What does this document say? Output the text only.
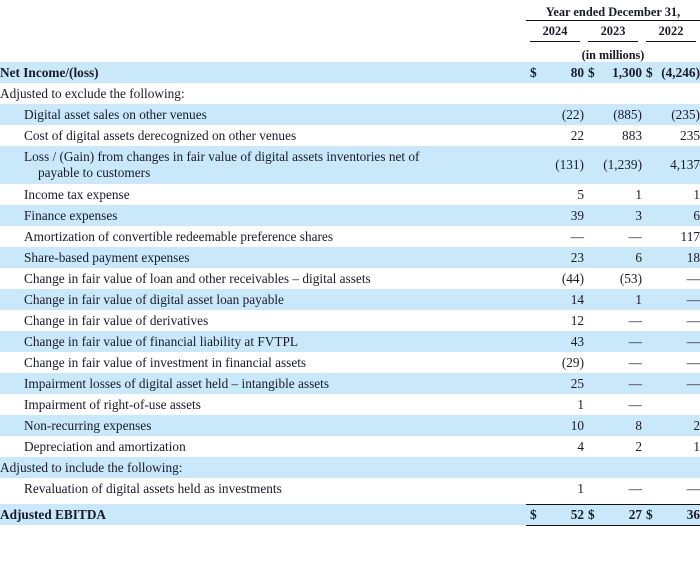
	Year ended December 31,		
	2024	2023	2022

	(in millions)		
Net Income/(loss)	$ 80	$ 1,300	$ (4,246)
Adjusted to exclude the following:			
Digital asset sales on other venues	(22)	(885)	(235)
Cost of digital assets derecognized on other venues	22	883	235
Loss / (Gain) from changes in fair value of digital assets inventories net of
payable to customers	(131)	(1,239)	4,137
Income tax expense	5	1	1
Finance expenses	39	3	6
Amortization of convertible redeemable preference shares	—	—	117
Share-based payment expenses	23	6	18
Change in fair value of loan and other receivables – digital assets	(44)	(53)	—
Change in fair value of digital asset loan payable	14	1	—
Change in fair value of derivatives	12	—	—
Change in fair value of financial liability at FVTPL	43	—	—
Change in fair value of investment in financial assets	(29)	—	—
Impairment losses of digital asset held – intangible assets	25	—	—
Impairment of right-of-use assets	1	—	
Non-recurring expenses	10	8	2
Depreciation and amortization	4	2	1
Adjusted to include the following:			
Revaluation of digital assets held as investments	1	—	—

Adjusted EBITDA	$ 52	$ 27	$ 36
